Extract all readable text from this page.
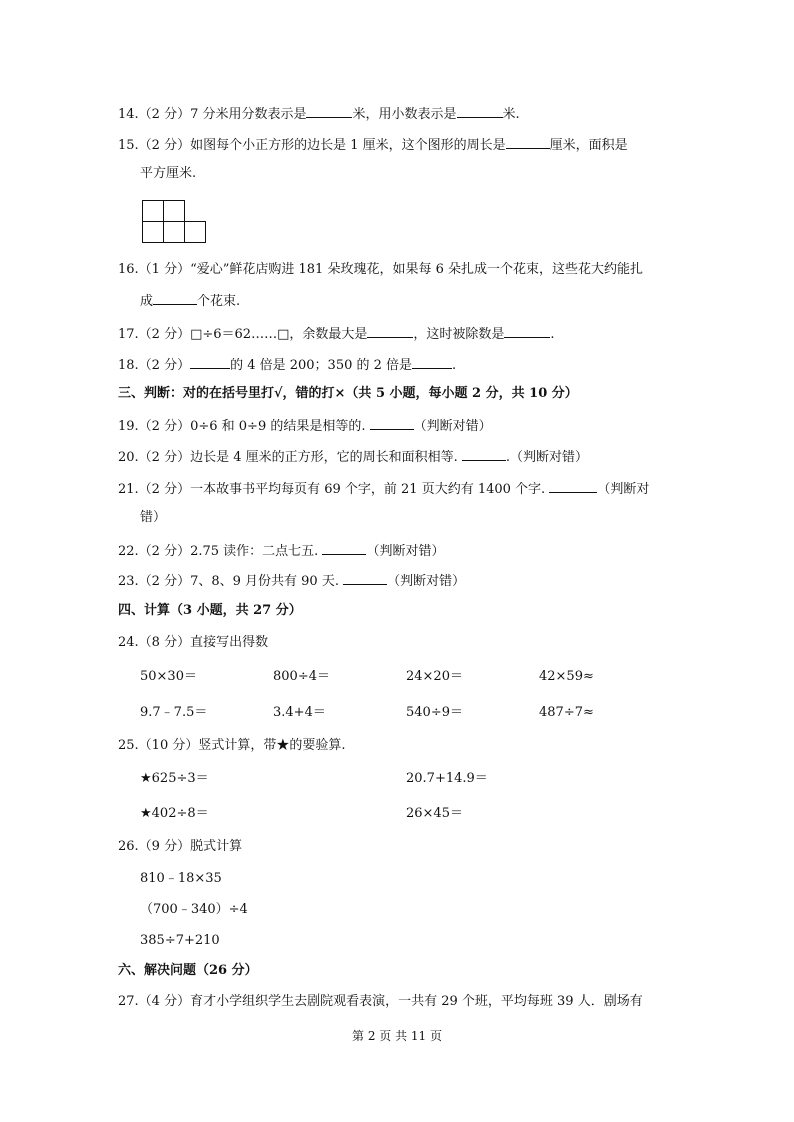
14.（2 分）7 分米用分数表示是	米，用小数表示是	米.
15.（2 分）如图每个小正方形的边长是 1 厘米，这个图形的周长是	厘米，面积是
平方厘米.
16.（1 分）“爱心”鲜花店购进 181 朵玫瑰花，如果每 6 朵扎成一个花束，这些花大约能扎
成	个花束.
17.（2 分）□÷6＝62……□，余数最大是	，这时被除数是	.
18.（2 分）	的 4 倍是 200；350 的 2 倍是	.
三、判断：对的在括号里打√，错的打×（共 5 小题，每小题 2 分，共 10 分）
19.（2 分）0÷6 和 0÷9 的结果是相等的.	（判断对错）
20.（2 分）边长是 4 厘米的正方形，它的周长和面积相等.	.（判断对错）
21.（2 分）一本故事书平均每页有 69 个字，前 21 页大约有 1400 个字.	（判断对
错）
22.（2 分）2.75 读作：二点七五.	（判断对错）
23.（2 分）7、8、9 月份共有 90 天.	（判断对错）
四、计算（3 小题，共 27 分）
24.（8 分）直接写出得数
50×30＝	800÷4＝	24×20＝	42×59≈
9.7﹣7.5＝	3.4+4＝	540÷9＝	487÷7≈
25.（10 分）竖式计算，带★的要验算.
★625÷3＝	20.7+14.9＝
★402÷8＝	26×45＝
26.（9 分）脱式计算
810﹣18×35
（700﹣340）÷4
385÷7+210
六、解决问题（26 分）
27.（4 分）育才小学组织学生去剧院观看表演，一共有 29 个班，平均每班 39 人．剧场有
第 2 页 共 11 页
